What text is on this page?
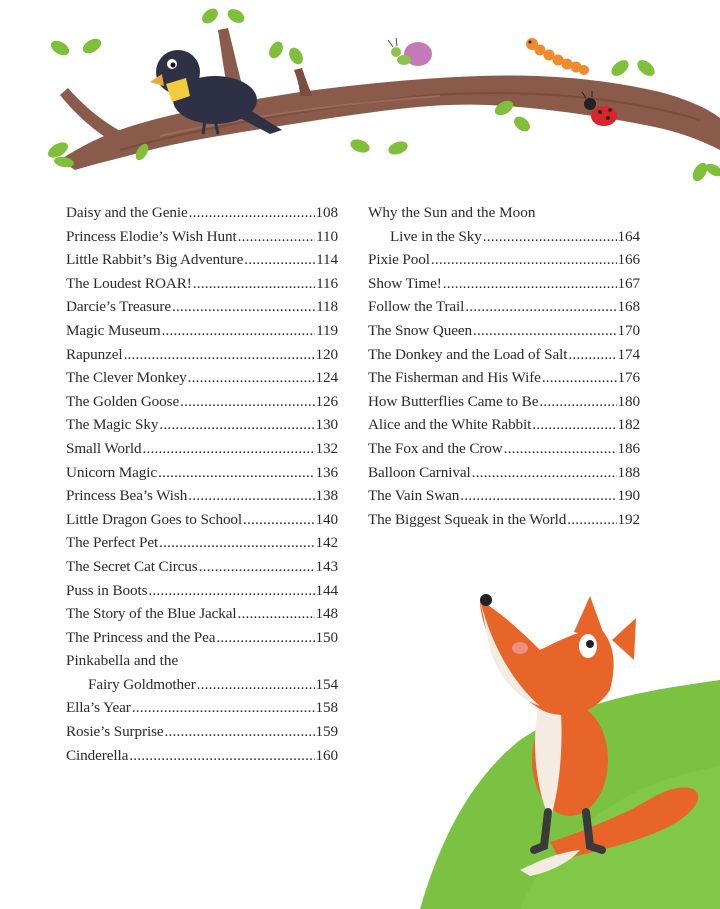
Daisy and the Genie .....	108
Princess Elodie’s Wish Hunt .....	110
Little Rabbit’s Big Adventure .....	114
The Loudest ROAR! .....	116
Darcie’s Treasure .....	118
Magic Museum .....	119
Rapunzel .....	120
The Clever Monkey .....	124
The Golden Goose .....	126
The Magic Sky .....	130
Small World .....	132
Unicorn Magic .....	136
Princess Bea’s Wish .....	138
Little Dragon Goes to School .....	140
The Perfect Pet .....	142
The Secret Cat Circus .....	143
Puss in Boots .....	144
The Story of the Blue Jackal .....	148
The Princess and the Pea .....	150
Pinkabella and the
Fairy Goldmother .....	154
Ella’s Year .....	158
Rosie’s Surprise .....	159
Cinderella .....	160
Why the Sun and the Moon
Live in the Sky .....	164
Pixie Pool .....	166
Show Time! .....	167
Follow the Trail .....	168
The Snow Queen .....	170
The Donkey and the Load of Salt .....	174
The Fisherman and His Wife .....	176
How Butterflies Came to Be .....	180
Alice and the White Rabbit .....	182
The Fox and the Crow .....	186
Balloon Carnival .....	188
The Vain Swan .....	190
The Biggest Squeak in the World .....	192
